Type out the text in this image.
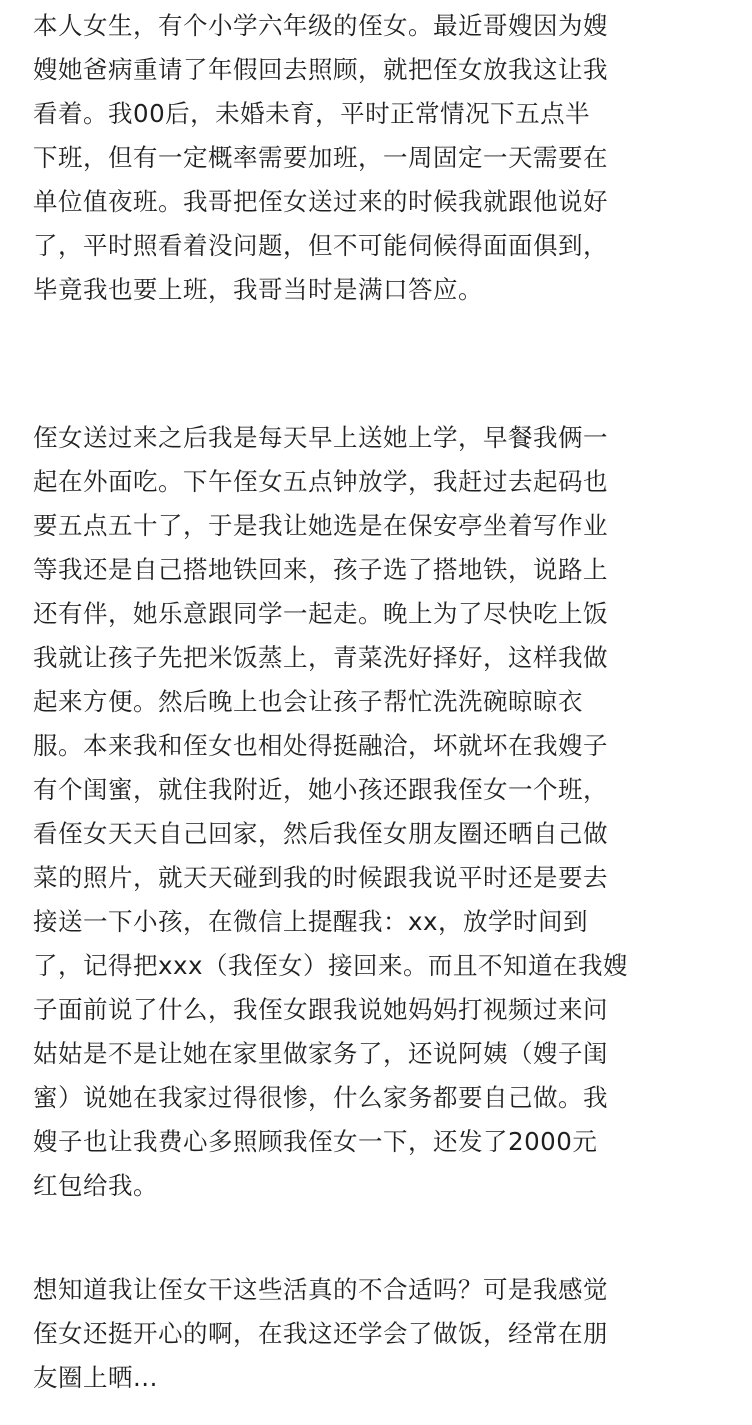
本人女生，有个小学六年级的侄女。最近哥嫂因为嫂
嫂她爸病重请了年假回去照顾，就把侄女放我这让我
看着。我00后，未婚未育，平时正常情况下五点半
下班，但有一定概率需要加班，一周固定一天需要在
单位值夜班。我哥把侄女送过来的时候我就跟他说好
了，平时照看着没问题，但不可能伺候得面面俱到，
毕竟我也要上班，我哥当时是满口答应。
侄女送过来之后我是每天早上送她上学，早餐我俩一
起在外面吃。下午侄女五点钟放学，我赶过去起码也
要五点五十了，于是我让她选是在保安亭坐着写作业
等我还是自己搭地铁回来，孩子选了搭地铁，说路上
还有伴，她乐意跟同学一起走。晚上为了尽快吃上饭
我就让孩子先把米饭蒸上，青菜洗好择好，这样我做
起来方便。然后晚上也会让孩子帮忙洗洗碗晾晾衣
服。本来我和侄女也相处得挺融洽，坏就坏在我嫂子
有个闺蜜，就住我附近，她小孩还跟我侄女一个班，
看侄女天天自己回家，然后我侄女朋友圈还晒自己做
菜的照片，就天天碰到我的时候跟我说平时还是要去
接送一下小孩，在微信上提醒我：xx，放学时间到
了，记得把xxx（我侄女）接回来。而且不知道在我嫂
子面前说了什么，我侄女跟我说她妈妈打视频过来问
姑姑是不是让她在家里做家务了，还说阿姨（嫂子闺
蜜）说她在我家过得很惨，什么家务都要自己做。我
嫂子也让我费心多照顾我侄女一下，还发了2000元
红包给我。
想知道我让侄女干这些活真的不合适吗？可是我感觉
侄女还挺开心的啊，在我这还学会了做饭，经常在朋
友圈上晒...
